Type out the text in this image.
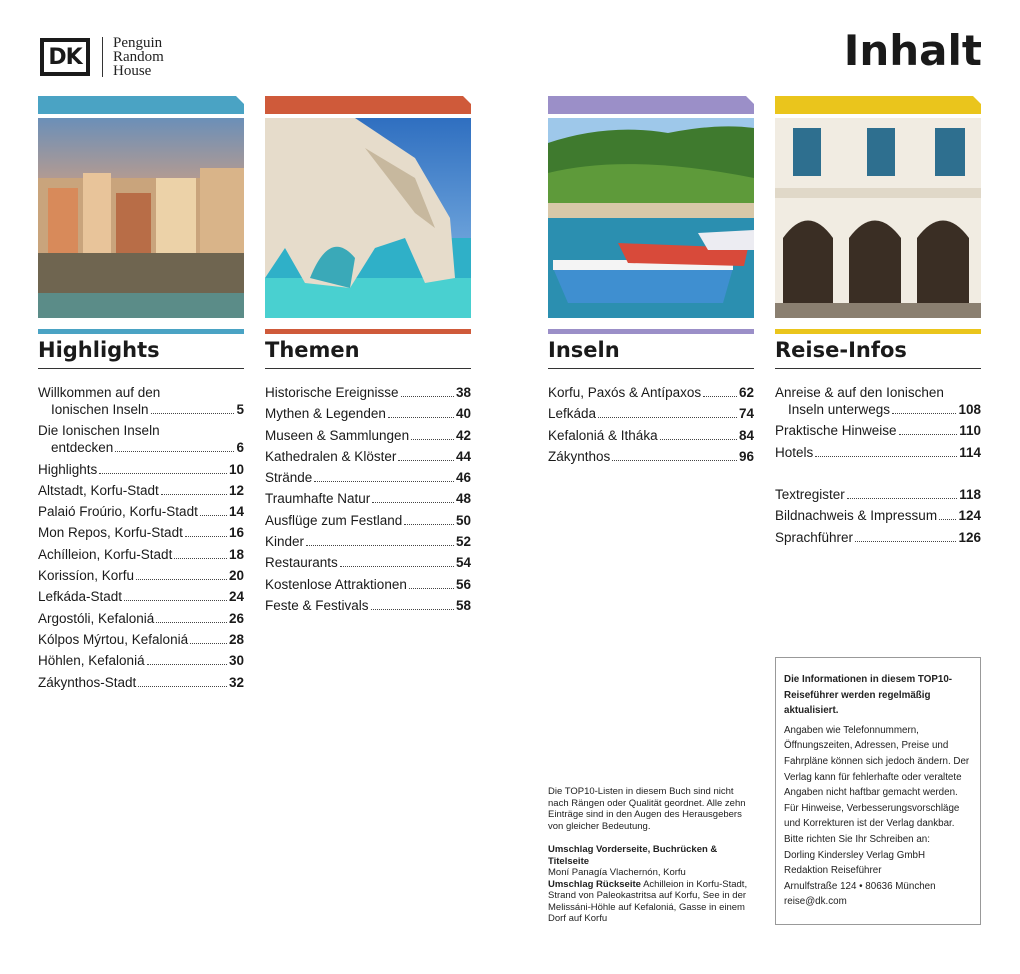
DK
Penguin
Random
House	Inhalt
Highlights
Willkommen auf den
Ionischen Inseln	5
Die Ionischen Inseln
entdecken	6
Highlights	10
Altstadt, Korfu-Stadt	12
Palaió Froúrio, Korfu-Stadt 14
Mon Repos, Korfu-Stadt	16
Achílleion, Korfu-Stadt	18
Korissíon, Korfu	20
Lefkáda-Stadt	24
Argostóli, Kefaloniá	26
Kólpos Mýrtou, Kefaloniá	28
Höhlen, Kefaloniá	30
Zákynthos-Stadt	32
Themen
Historische Ereignisse	38
Mythen & Legenden	40
Museen & Sammlungen	42
Kathedralen & Klöster	44
Strände	46
Traumhafte Natur	48
Ausflüge zum Festland	50
Kinder	52
Restaurants	54
Kostenlose Attraktionen	56
Feste & Festivals	58
Inseln
Korfu, Paxós & Antípaxos	62
Lefkáda	74
Kefaloniá & Itháka	84
Zákynthos	96
Reise-Infos
Anreise & auf den Ionischen
Inseln unterwegs	108
Praktische Hinweise	110
Hotels	114
Textregister	118
Bildnachweis & Impressum 124
Sprachführer	126

Die TOP10-Listen in diesem Buch sind nicht nach Rängen oder Qualität geordnet. Alle zehn Einträge sind in den Augen des Herausgebers von gleicher Bedeutung.

Umschlag Vorderseite, Buchrücken & Titelseite
Moní Panagía Vlachernón, Korfu
Umschlag Rückseite Achilleion in Korfu-Stadt, Strand von Paleokastritsa auf Korfu, See in der Melissáni-Höhle auf Kefaloniá, Gasse in einem Dorf auf Korfu
Die Informationen in diesem TOP10-Reiseführer werden regelmäßig aktualisiert.
Angaben wie Telefonnummern, Öffnungszeiten, Adressen, Preise und Fahrpläne können sich jedoch ändern. Der Verlag kann für fehlerhafte oder veraltete Angaben nicht haftbar gemacht werden. Für Hinweise, Verbesserungsvorschläge und Korrekturen ist der Verlag dankbar. Bitte richten Sie Ihr Schreiben an:
Dorling Kindersley Verlag GmbH
Redaktion Reiseführer
Arnulfstraße 124 • 80636 München
reise@dk.com
